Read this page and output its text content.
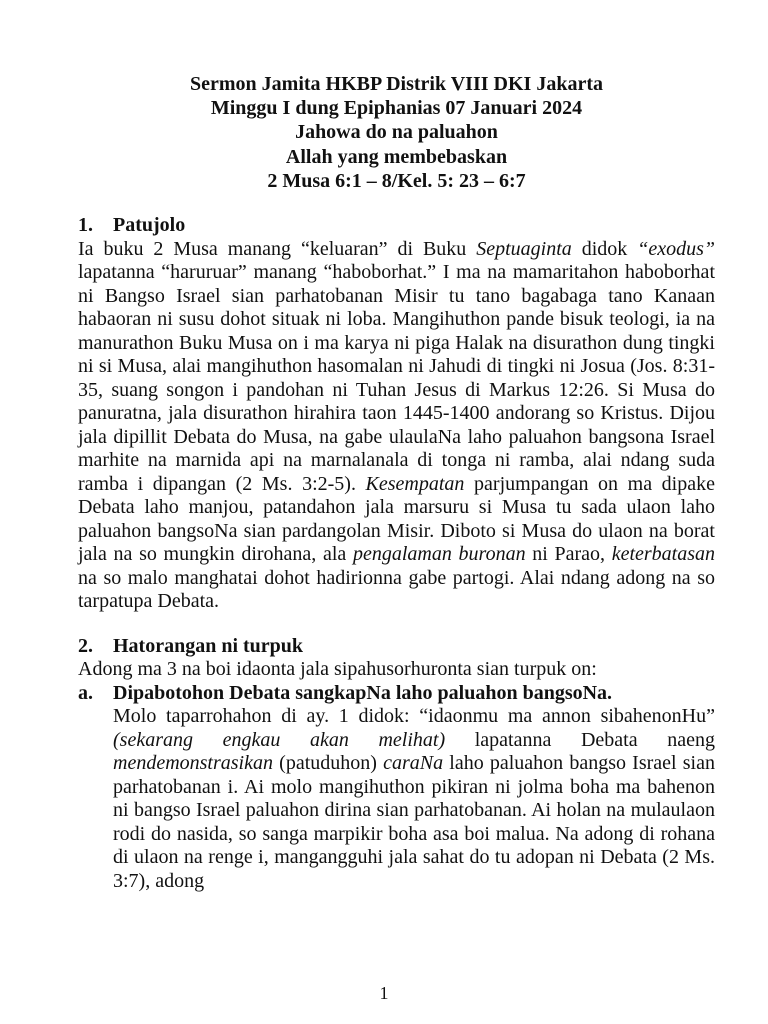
Sermon Jamita HKBP Distrik VIII DKI Jakarta
Minggu I dung Epiphanias 07 Januari 2024
Jahowa do na paluahon
Allah yang membebaskan
2 Musa 6:1 – 8/Kel. 5: 23 – 6:7
1.	Patujolo

Ia buku 2 Musa manang “keluaran” di Buku Septuaginta didok “exodus” lapatanna “haruruar” manang “haboborhat.” I ma na mamaritahon haboborhat ni Bangso Israel sian parhatobanan Misir tu tano bagabaga tano Kanaan habaoran ni susu dohot situak ni loba. Mangihuthon pande bisuk teologi, ia na manurathon Buku Musa on i ma karya ni piga Halak na disurathon dung tingki ni si Musa, alai mangihuthon hasomalan ni Jahudi di tingki ni Josua (Jos. 8:31-35, suang songon i pandohan ni Tuhan Jesus di Markus 12:26. Si Musa do panuratna, jala disurathon hirahira taon 1445-1400 andorang so Kristus. Dijou jala dipillit Debata do Musa, na gabe ulaulaNa laho paluahon bangsona Israel marhite na marnida api na marnalanala di tonga ni ramba, alai ndang suda ramba i dipangan (2 Ms. 3:2-5). Kesempatan parjumpangan on ma dipake Debata laho manjou, patandahon jala marsuru si Musa tu sada ulaon laho paluahon bangsoNa sian pardangolan Misir. Diboto si Musa do ulaon na borat jala na so mungkin dirohana, ala pengalaman buronan ni Parao, keterbatasan na so malo manghatai dohot hadirionna gabe partogi. Alai ndang adong na so tarpatupa Debata.

2.	Hatorangan ni turpuk

Adong ma 3 na boi idaonta jala sipahusorhuronta sian turpuk on:

a.	Dipabotohon Debata sangkapNa laho paluahon bangsoNa.

Molo taparrohahon di ay. 1 didok: “idaonmu ma annon sibahenonHu” (sekarang engkau akan melihat) lapatanna Debata naeng mendemonstrasikan (patuduhon) caraNa laho paluahon bangso Israel sian parhatobanan i. Ai molo mangihuthon pikiran ni jolma boha ma bahenon ni bangso Israel paluahon dirina sian parhatobanan. Ai holan na mulaulaon rodi do nasida, so sanga marpikir boha asa boi malua. Na adong di rohana di ulaon na renge i, mangangguhi jala sahat do tu adopan ni Debata (2 Ms. 3:7), adong

1
